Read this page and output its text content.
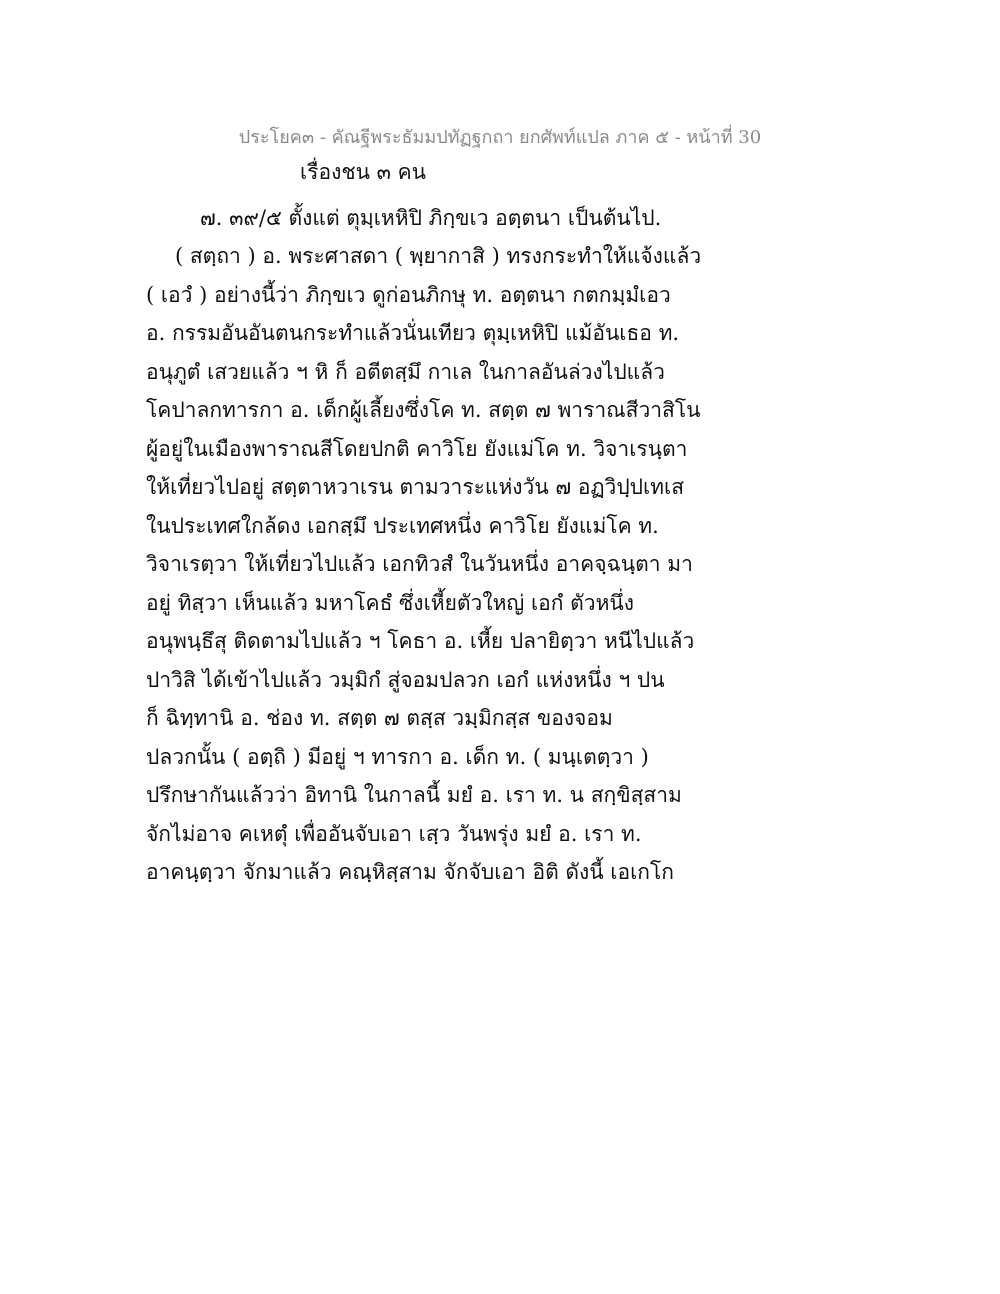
ประโยค๓ - คัณฐีพระธัมมปทัฏฐกถา ยกศัพท์แปล ภาค ๕ - หน้าที่ 30
เรื่องชน ๓ คน
๗. ๓๙/๕ ตั้งแต่ ตุมฺเหหิปิ ภิกฺขเว อตฺตนา เป็นต้นไป.
( สตฺถา ) อ. พระศาสดา ( พฺยากาสิ ) ทรงกระทำให้แจ้งแล้ว
( เอวํ ) อย่างนี้ว่า ภิกฺขเว ดูก่อนภิกษุ ท. อตฺตนา กตกมฺมํเอว
อ. กรรมอันอันตนกระทำแล้วนั่นเทียว ตุมฺเหหิปิ แม้อันเธอ ท.
อนุภูตํ เสวยแล้ว ฯ หิ ก็ อตีตสฺมึ กาเล ในกาลอันล่วงไปแล้ว
โคปาลกทารกา อ. เด็กผู้เลี้ยงซึ่งโค ท. สตฺต ๗ พาราณสีวาสิโน
ผู้อยู่ในเมืองพาราณสีโดยปกติ คาวิโย ยังแม่โค ท. วิจาเรนฺตา
ให้เที่ยวไปอยู่ สตฺตาหวาเรน ตามวาระแห่งวัน ๗ อฏวิปฺปเทเส
ในประเทศใกล้ดง เอกสฺมึ ประเทศหนึ่ง คาวิโย ยังแม่โค ท.
วิจาเรตฺวา ให้เที่ยวไปแล้ว เอกทิวสํ ในวันหนึ่ง อาคจฺฉนฺตา มา
อยู่ ทิสฺวา เห็นแล้ว มหาโคธํ ซึ่งเหี้ยตัวใหญ่ เอกํ ตัวหนึ่ง
อนุพนฺธึสุ ติดตามไปแล้ว ฯ โคธา อ. เหี้ย ปลายิตฺวา หนีไปแล้ว
ปาวิสิ ได้เข้าไปแล้ว วมฺมิกํ สู่จอมปลวก เอกํ แห่งหนึ่ง ฯ ปน
ก็ ฉิทฺทานิ อ. ช่อง ท. สตฺต ๗ ตสฺส วมฺมิกสฺส ของจอม
ปลวกนั้น ( อตฺถิ ) มีอยู่ ฯ ทารกา อ. เด็ก ท. ( มนฺเตตฺวา )
ปรึกษากันแล้วว่า อิทานิ ในกาลนี้ มยํ อ. เรา ท. น สกฺขิสฺสาม
จักไม่อาจ คเหตุํ เพื่ออันจับเอา เสฺว วันพรุ่ง มยํ อ. เรา ท.
อาคนฺตฺวา จักมาแล้ว คณฺหิสฺสาม จักจับเอา อิติ ดังนี้ เอเกโก
